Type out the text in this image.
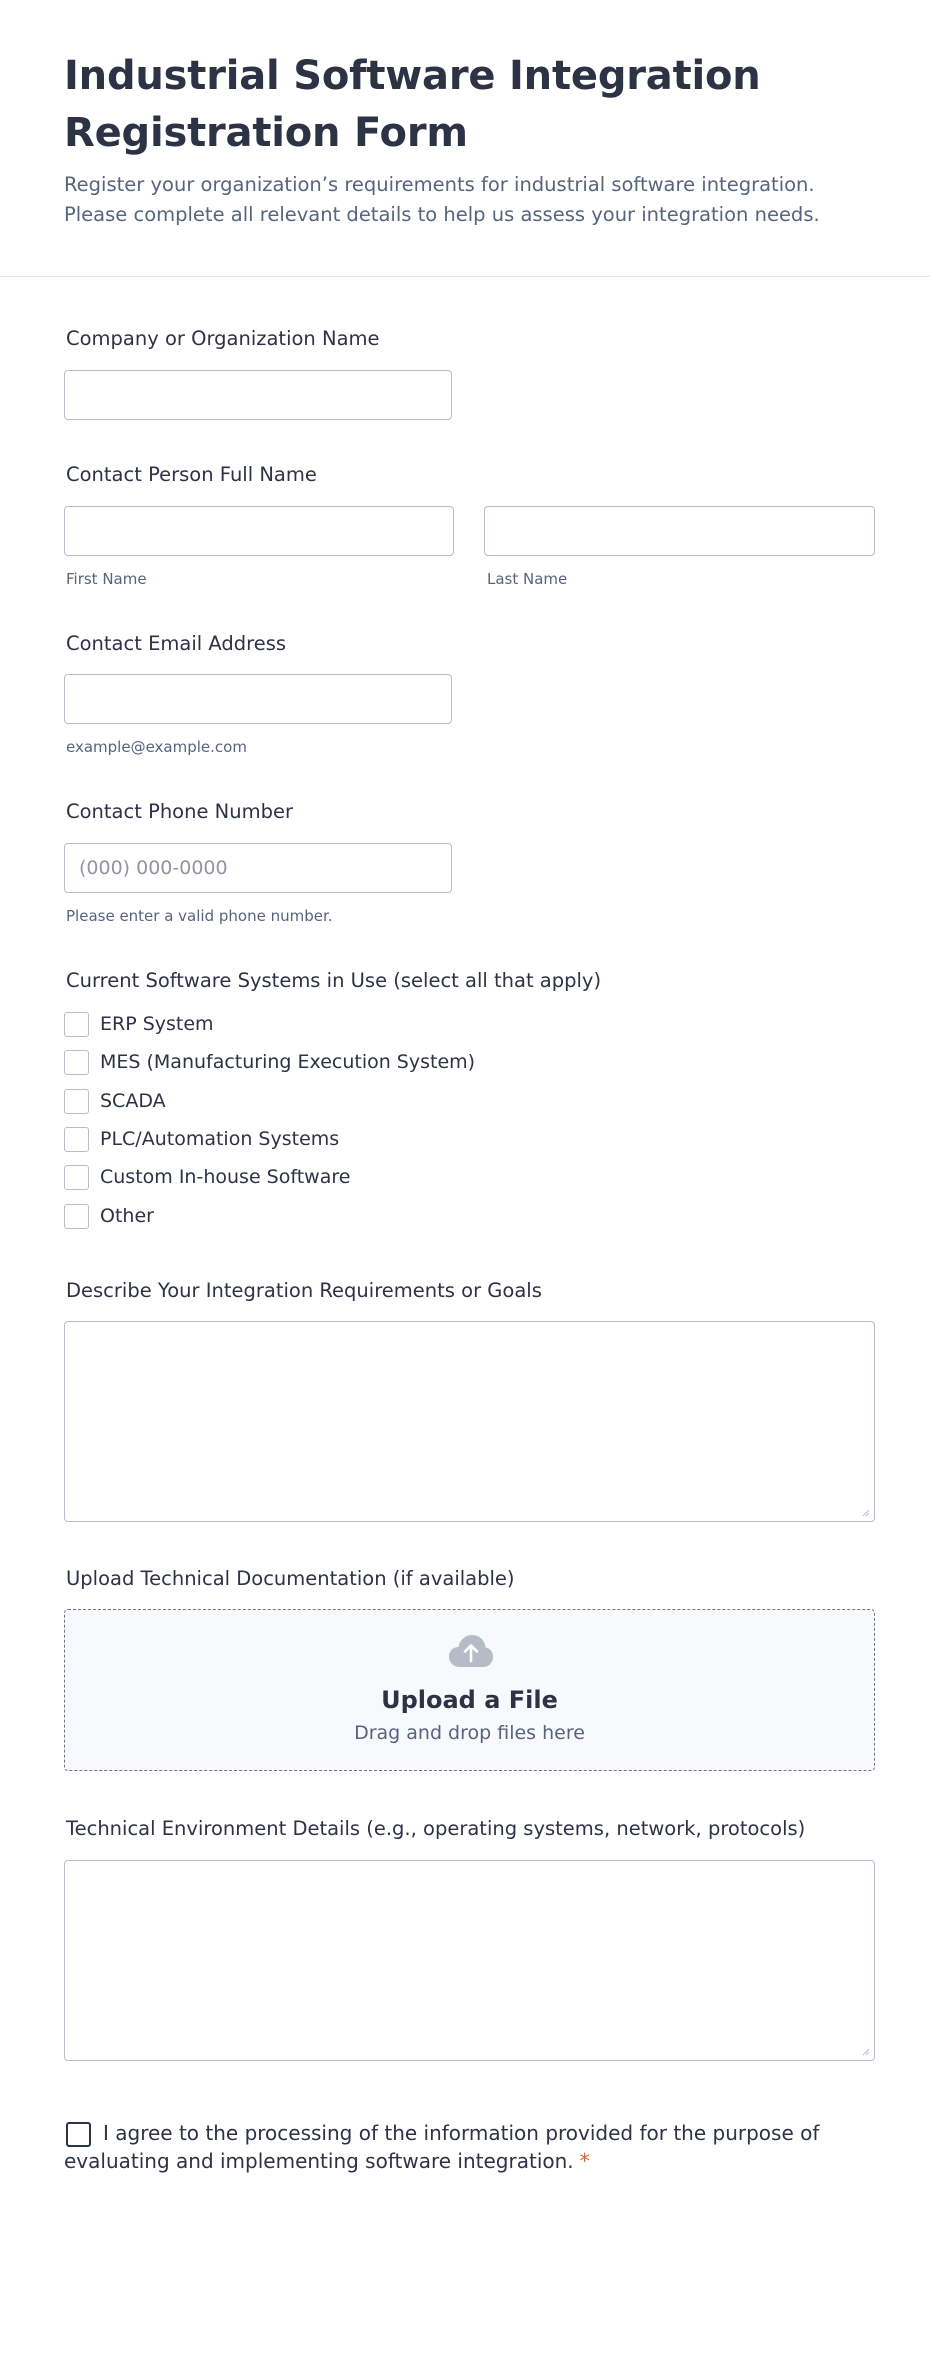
Industrial Software Integration Registration Form
Register your organization’s requirements for industrial software integration. Please complete all relevant details to help us assess your integration needs.
Company or Organization Name
Contact Person Full Name
First Name	Last Name
Contact Email Address
example@example.com
Contact Phone Number
(000) 000-0000
Please enter a valid phone number.
Current Software Systems in Use (select all that apply)
ERP System
MES (Manufacturing Execution System)
SCADA
PLC/Automation Systems
Custom In-house Software
Other
Describe Your Integration Requirements or Goals
Upload Technical Documentation (if available)
Upload a File
Drag and drop files here
Technical Environment Details (e.g., operating systems, network, protocols)
I agree to the processing of the information provided for the purpose of evaluating and implementing software integration. *
